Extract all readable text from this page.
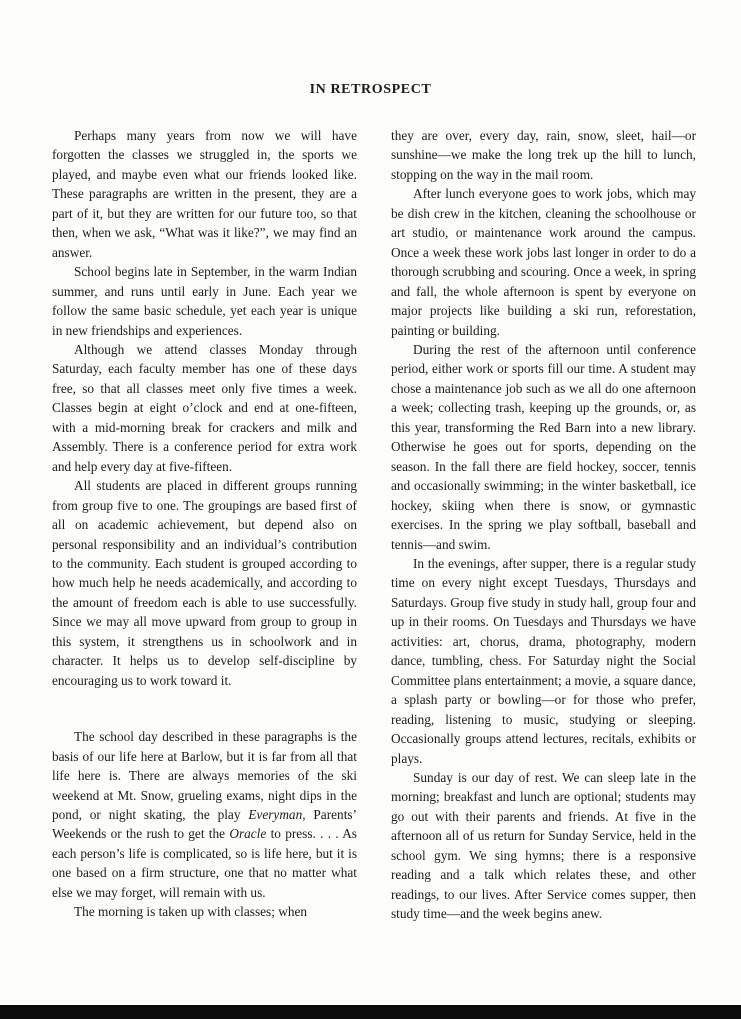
IN RETROSPECT

Perhaps many years from now we will have forgotten the classes we struggled in, the sports we played, and maybe even what our friends looked like. These paragraphs are written in the present, they are a part of it, but they are written for our future too, so that then, when we ask, “What was it like?”, we may find an answer.

School begins late in September, in the warm Indian summer, and runs until early in June. Each year we follow the same basic schedule, yet each year is unique in new friendships and experiences.

Although we attend classes Monday through Saturday, each faculty member has one of these days free, so that all classes meet only five times a week. Classes begin at eight o’clock and end at one-fifteen, with a mid-morning break for crackers and milk and Assembly. There is a conference period for extra work and help every day at five-fifteen.

All students are placed in different groups running from group five to one. The groupings are based first of all on academic achievement, but depend also on personal responsibility and an individual’s contribution to the community. Each student is grouped according to how much help he needs academically, and according to the amount of freedom each is able to use successfully. Since we may all move upward from group to group in this system, it strengthens us in schoolwork and in character. It helps us to develop self-discipline by encouraging us to work toward it.

The school day described in these paragraphs is the basis of our life here at Barlow, but it is far from all that life here is. There are always memories of the ski weekend at Mt. Snow, grueling exams, night dips in the pond, or night skating, the play Everyman, Parents’ Weekends or the rush to get the Oracle to press. . . . As each person’s life is complicated, so is life here, but it is one based on a firm structure, one that no matter what else we may forget, will remain with us.

The morning is taken up with classes; when

they are over, every day, rain, snow, sleet, hail—or sunshine—we make the long trek up the hill to lunch, stopping on the way in the mail room.

After lunch everyone goes to work jobs, which may be dish crew in the kitchen, cleaning the schoolhouse or art studio, or maintenance work around the campus. Once a week these work jobs last longer in order to do a thorough scrubbing and scouring. Once a week, in spring and fall, the whole afternoon is spent by everyone on major projects like building a ski run, reforestation, painting or building.

During the rest of the afternoon until conference period, either work or sports fill our time. A student may chose a maintenance job such as we all do one afternoon a week; collecting trash, keeping up the grounds, or, as this year, transforming the Red Barn into a new library. Otherwise he goes out for sports, depending on the season. In the fall there are field hockey, soccer, tennis and occasionally swimming; in the winter basketball, ice hockey, skiing when there is snow, or gymnastic exercises. In the spring we play softball, baseball and tennis—and swim.

In the evenings, after supper, there is a regular study time on every night except Tuesdays, Thursdays and Saturdays. Group five study in study hall, group four and up in their rooms. On Tuesdays and Thursdays we have activities: art, chorus, drama, photography, modern dance, tumbling, chess. For Saturday night the Social Committee plans entertainment; a movie, a square dance, a splash party or bowling—or for those who prefer, reading, listening to music, studying or sleeping. Occasionally groups attend lectures, recitals, exhibits or plays.

Sunday is our day of rest. We can sleep late in the morning; breakfast and lunch are optional; students may go out with their parents and friends. At five in the afternoon all of us return for Sunday Service, held in the school gym. We sing hymns; there is a responsive reading and a talk which relates these, and other readings, to our lives. After Service comes supper, then study time—and the week begins anew.
